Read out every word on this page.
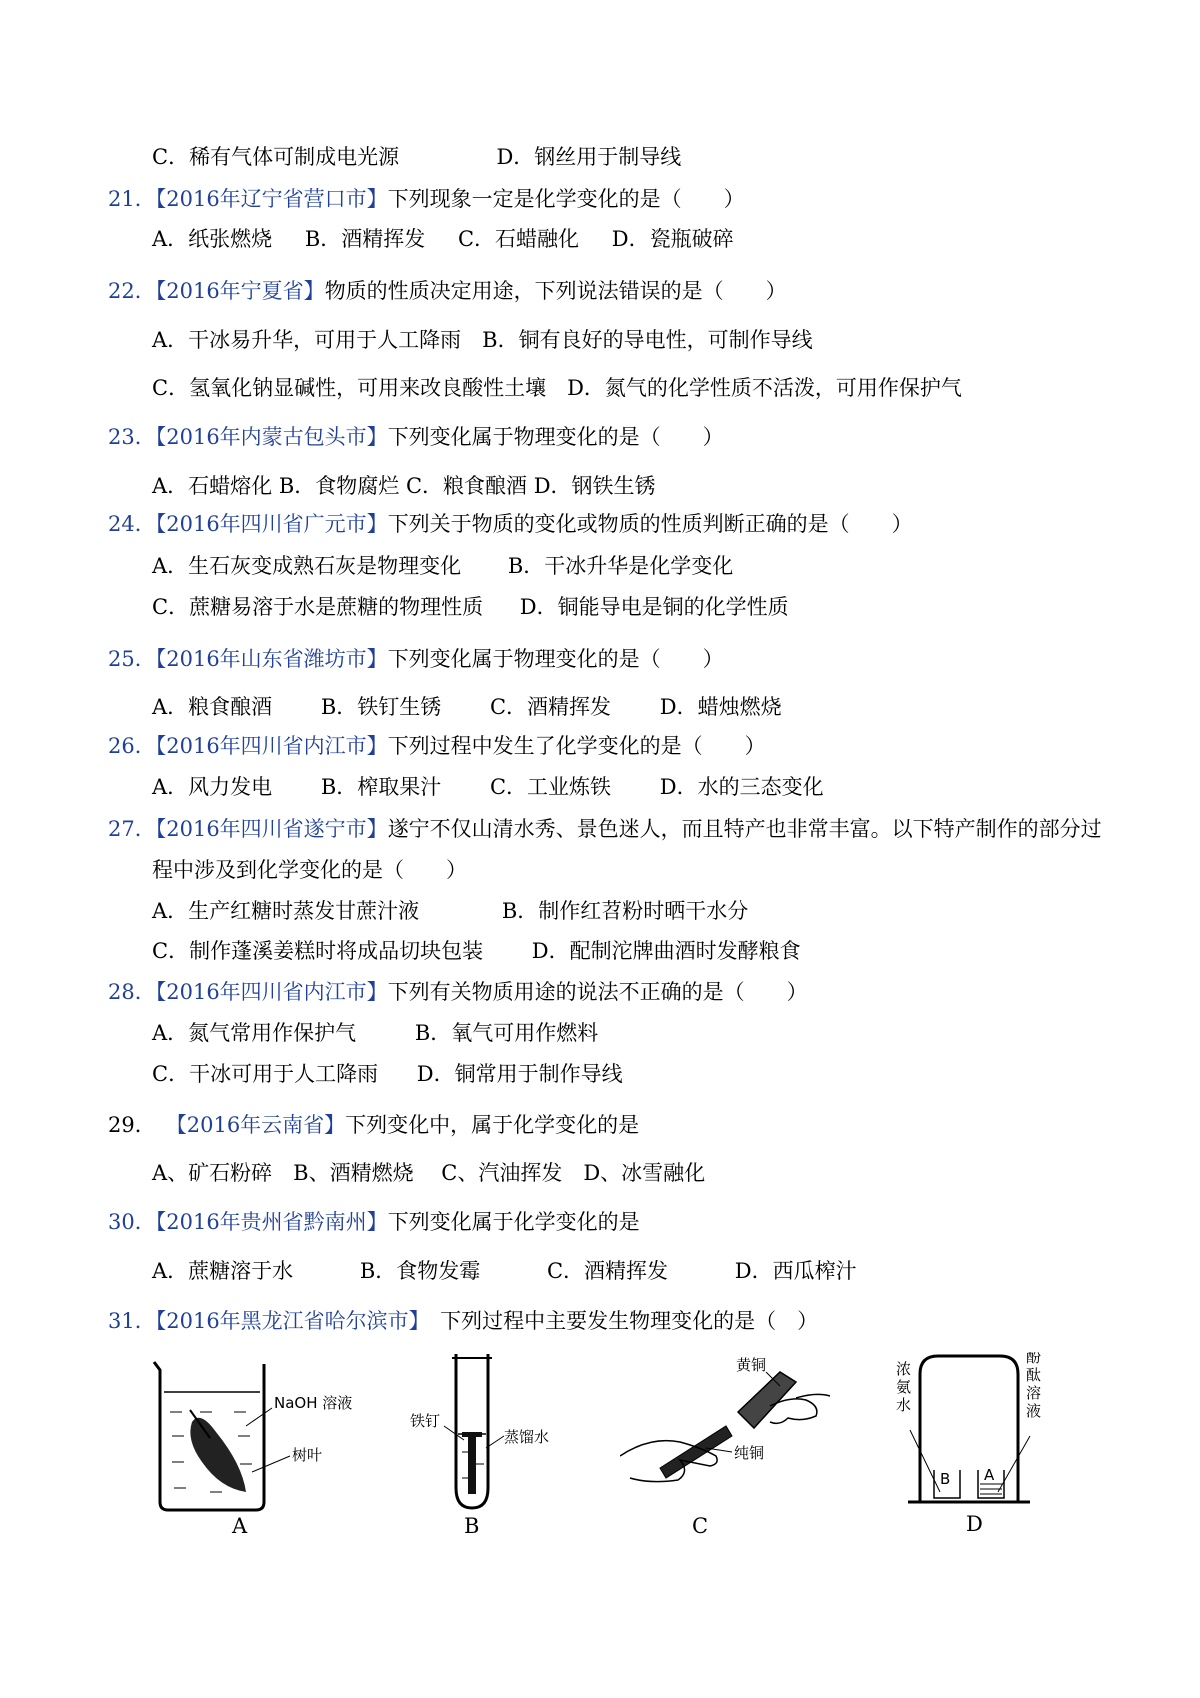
C．稀有气体可制成电光源	D．钢丝用于制导线
21．【2016年辽宁省营口市】下列现象一定是化学变化的是（　　）
A．纸张燃烧 B．酒精挥发 C．石蜡融化 D．瓷瓶破碎
22．【2016年宁夏省】物质的性质决定用途，下列说法错误的是（　　）
A．干冰易升华，可用于人工降雨　B．铜有良好的导电性，可制作导线
C．氢氧化钠显碱性，可用来改良酸性土壤　D．氮气的化学性质不活泼，可用作保护气
23．【2016年内蒙古包头市】下列变化属于物理变化的是（　　）
A．石蜡熔化 B．食物腐烂 C．粮食酿酒 D．钢铁生锈
24．【2016年四川省广元市】下列关于物质的变化或物质的性质判断正确的是（　　）
A．生石灰变成熟石灰是物理变化 B．干冰升华是化学变化
C．蔗糖易溶于水是蔗糖的物理性质 D．铜能导电是铜的化学性质
25．【2016年山东省潍坊市】下列变化属于物理变化的是（　　）
A．粮食酿酒 B．铁钉生锈 C．酒精挥发 D．蜡烛燃烧
26．【2016年四川省内江市】下列过程中发生了化学变化的是（　　）
A．风力发电 B．榨取果汁 C．工业炼铁 D．水的三态变化
27．【2016年四川省遂宁市】遂宁不仅山清水秀、景色迷人，而且特产也非常丰富。以下特产制作的部分过
程中涉及到化学变化的是（　　）
A．生产红糖时蒸发甘蔗汁液	B．制作红苕粉时晒干水分
C．制作蓬溪姜糕时将成品切块包装 D．配制沱牌曲酒时发酵粮食
28．【2016年四川省内江市】下列有关物质用途的说法不正确的是（　　）
A．氮气常用作保护气	B．氧气可用作燃料
C．干冰可用于人工降雨 D．铜常用于制作导线
29． 【2016年云南省】下列变化中，属于化学变化的是
A、矿石粉碎　B、酒精燃烧　 C、汽油挥发　D、冰雪融化
30．【2016年贵州省黔南州】下列变化属于化学变化的是
A．蔗糖溶于水	B．食物发霉	C．酒精挥发	D．西瓜榨汁
31．【2016年黑龙江省哈尔滨市】　下列过程中主要发生物理变化的是（　）
NaOH 溶液
树叶
A
铁钉
蒸馏水
B
黄铜
纯铜
C
B A
浓
氨
水
酚
酞
溶
液
D
